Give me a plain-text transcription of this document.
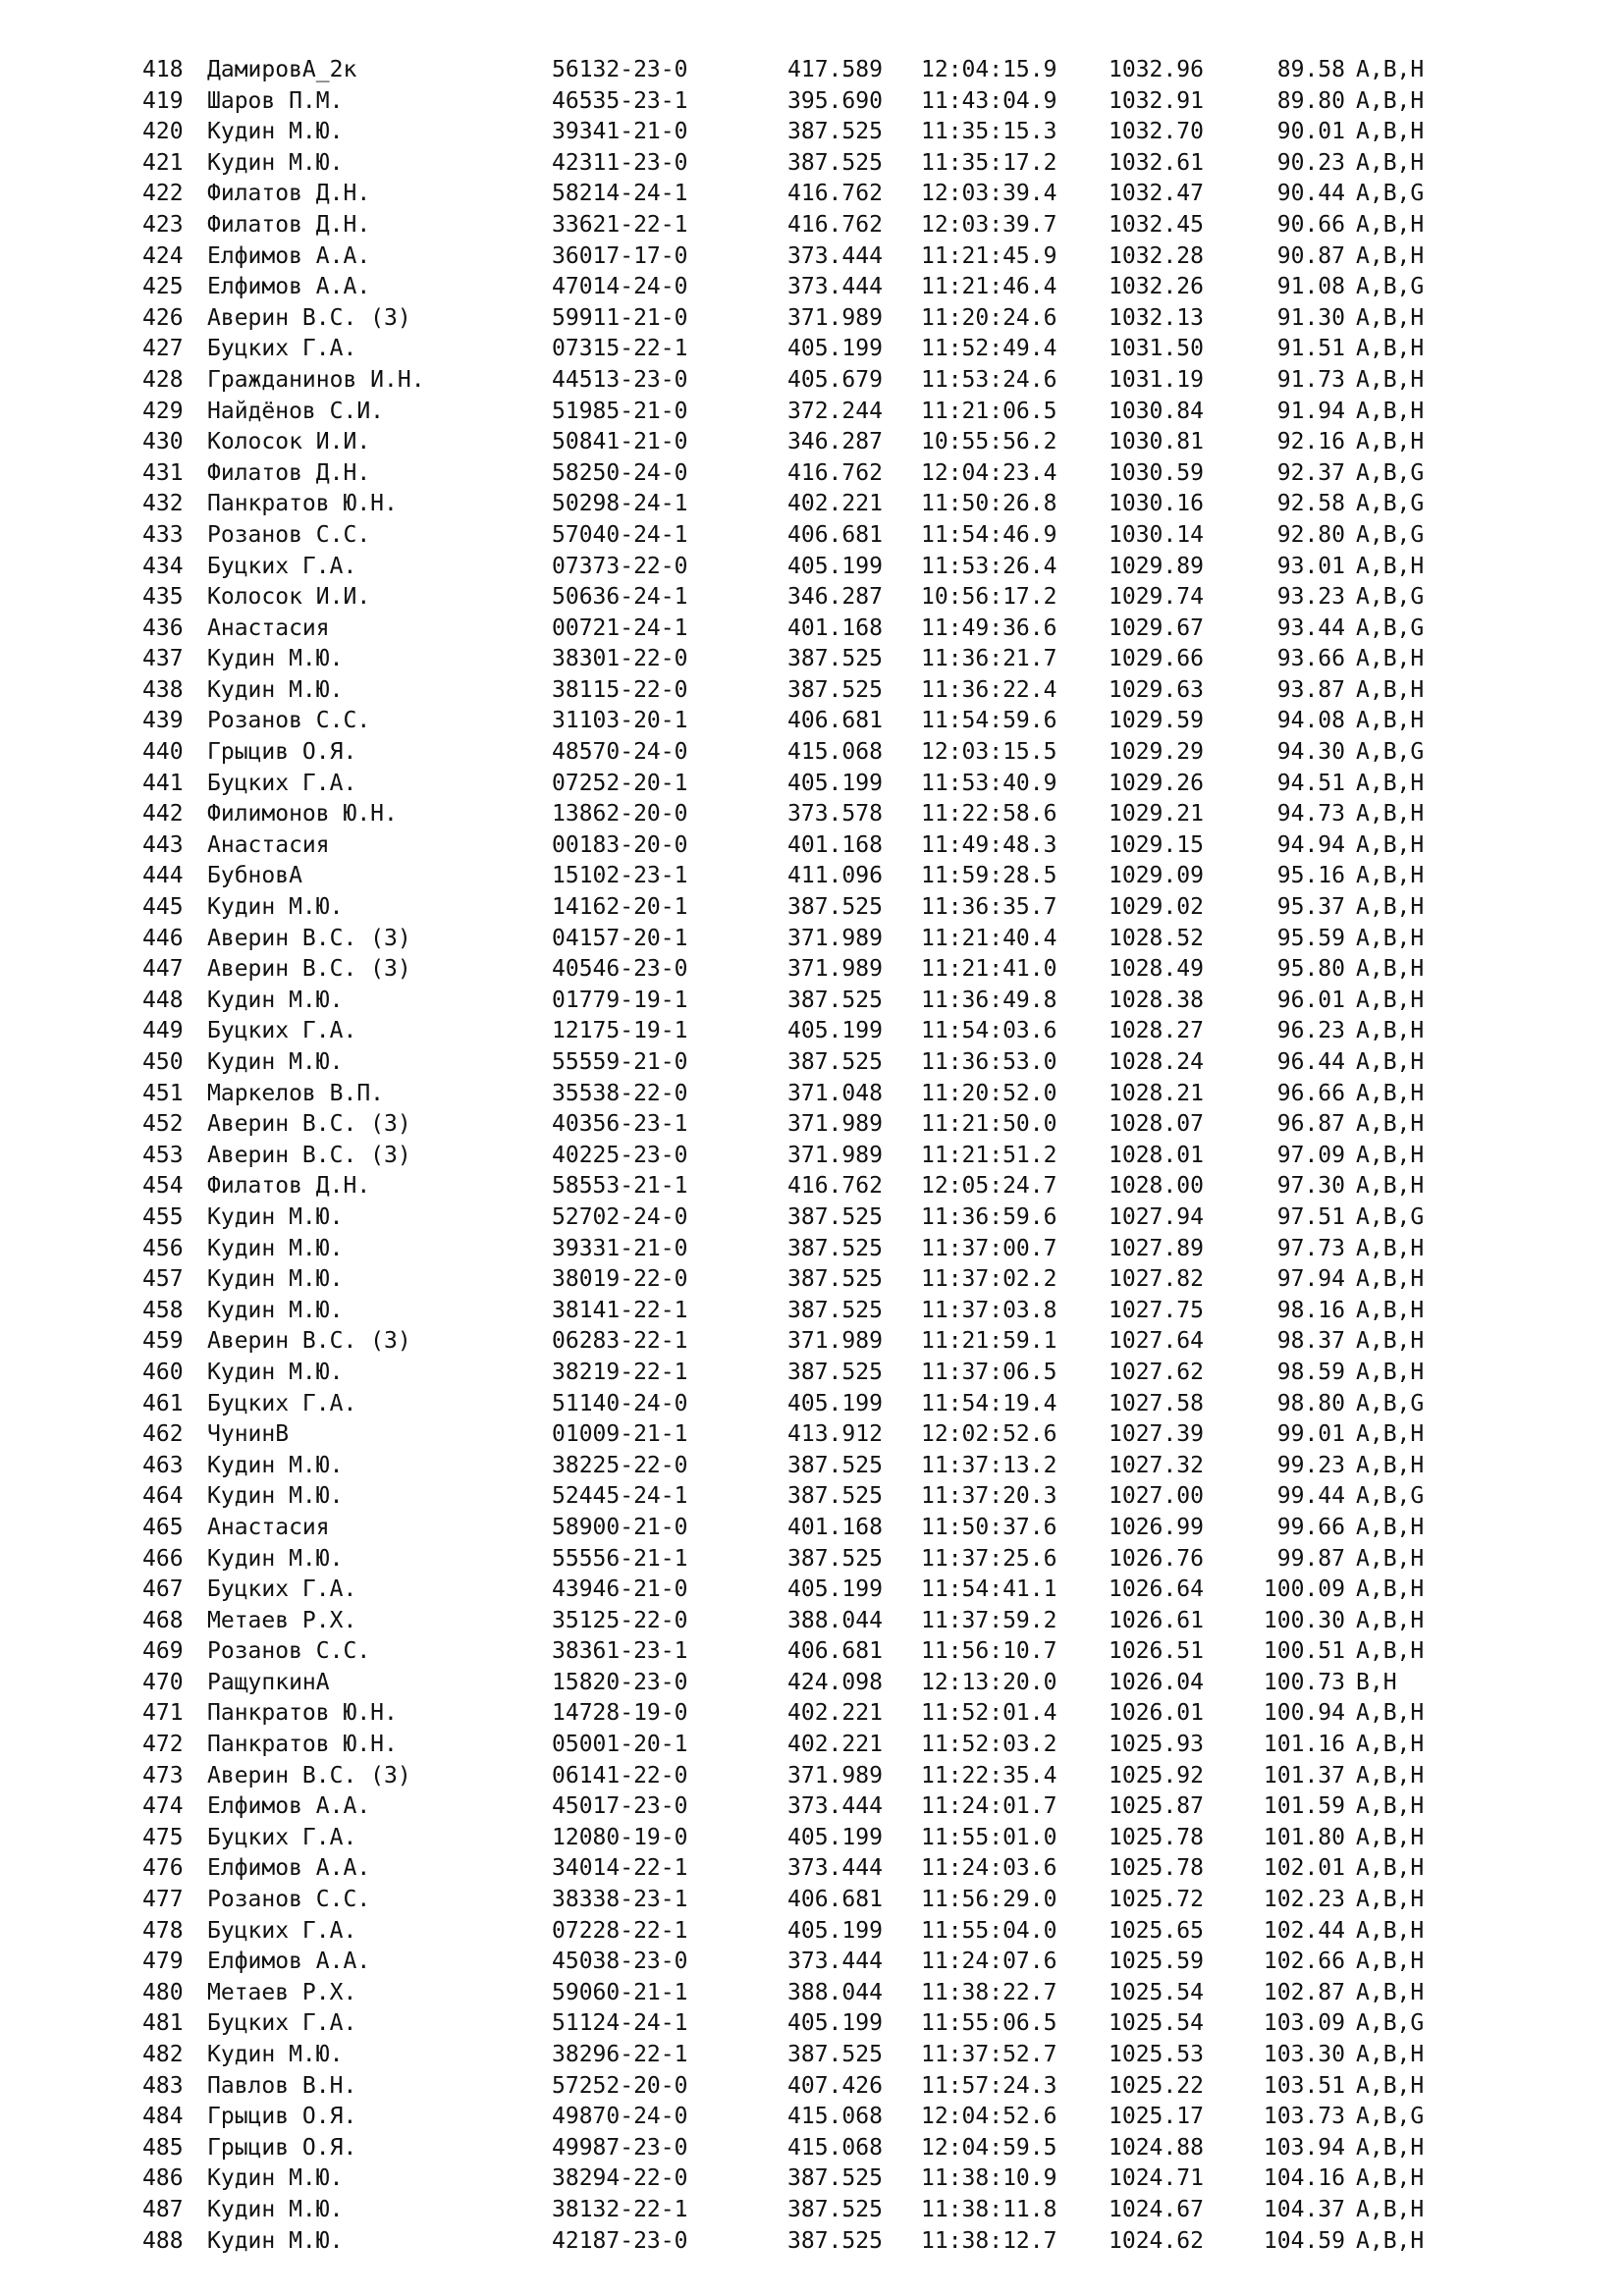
418	ДамировА_2к	56132-23-0	417.589	12:04:15.9	1032.96	89.58 A,B,H
419	Шаров П.М.	46535-23-1	395.690	11:43:04.9	1032.91	89.80 A,B,H
420	Кудин М.Ю.	39341-21-0	387.525	11:35:15.3	1032.70	90.01 A,B,H
421	Кудин М.Ю.	42311-23-0	387.525	11:35:17.2	1032.61	90.23 A,B,H
422	Филатов Д.Н.	58214-24-1	416.762	12:03:39.4	1032.47	90.44 A,B,G
423	Филатов Д.Н.	33621-22-1	416.762	12:03:39.7	1032.45	90.66 A,B,H
424	Елфимов А.А.	36017-17-0	373.444	11:21:45.9	1032.28	90.87 A,B,H
425	Елфимов А.А.	47014-24-0	373.444	11:21:46.4	1032.26	91.08 A,B,G
426	Аверин В.С. (З)	59911-21-0	371.989	11:20:24.6	1032.13	91.30 A,B,H
427	Буцких Г.А.	07315-22-1	405.199	11:52:49.4	1031.50	91.51 A,B,H
428	Гражданинов И.Н.	44513-23-0	405.679	11:53:24.6	1031.19	91.73 A,B,H
429	Найдёнов С.И.	51985-21-0	372.244	11:21:06.5	1030.84	91.94 A,B,H
430	Колосок И.И.	50841-21-0	346.287	10:55:56.2	1030.81	92.16 A,B,H
431	Филатов Д.Н.	58250-24-0	416.762	12:04:23.4	1030.59	92.37 A,B,G
432	Панкратов Ю.Н.	50298-24-1	402.221	11:50:26.8	1030.16	92.58 A,B,G
433	Розанов С.С.	57040-24-1	406.681	11:54:46.9	1030.14	92.80 A,B,G
434	Буцких Г.А.	07373-22-0	405.199	11:53:26.4	1029.89	93.01 A,B,H
435	Колосок И.И.	50636-24-1	346.287	10:56:17.2	1029.74	93.23 A,B,G
436	Анастасия	00721-24-1	401.168	11:49:36.6	1029.67	93.44 A,B,G
437	Кудин М.Ю.	38301-22-0	387.525	11:36:21.7	1029.66	93.66 A,B,H
438	Кудин М.Ю.	38115-22-0	387.525	11:36:22.4	1029.63	93.87 A,B,H
439	Розанов С.С.	31103-20-1	406.681	11:54:59.6	1029.59	94.08 A,B,H
440	Грыцив О.Я.	48570-24-0	415.068	12:03:15.5	1029.29	94.30 A,B,G
441	Буцких Г.А.	07252-20-1	405.199	11:53:40.9	1029.26	94.51 A,B,H
442	Филимонов Ю.Н.	13862-20-0	373.578	11:22:58.6	1029.21	94.73 A,B,H
443	Анастасия	00183-20-0	401.168	11:49:48.3	1029.15	94.94 A,B,H
444	БубновА	15102-23-1	411.096	11:59:28.5	1029.09	95.16 A,B,H
445	Кудин М.Ю.	14162-20-1	387.525	11:36:35.7	1029.02	95.37 A,B,H
446	Аверин В.С. (З)	04157-20-1	371.989	11:21:40.4	1028.52	95.59 A,B,H
447	Аверин В.С. (З)	40546-23-0	371.989	11:21:41.0	1028.49	95.80 A,B,H
448	Кудин М.Ю.	01779-19-1	387.525	11:36:49.8	1028.38	96.01 A,B,H
449	Буцких Г.А.	12175-19-1	405.199	11:54:03.6	1028.27	96.23 A,B,H
450	Кудин М.Ю.	55559-21-0	387.525	11:36:53.0	1028.24	96.44 A,B,H
451	Маркелов В.П.	35538-22-0	371.048	11:20:52.0	1028.21	96.66 A,B,H
452	Аверин В.С. (З)	40356-23-1	371.989	11:21:50.0	1028.07	96.87 A,B,H
453	Аверин В.С. (З)	40225-23-0	371.989	11:21:51.2	1028.01	97.09 A,B,H
454	Филатов Д.Н.	58553-21-1	416.762	12:05:24.7	1028.00	97.30 A,B,H
455	Кудин М.Ю.	52702-24-0	387.525	11:36:59.6	1027.94	97.51 A,B,G
456	Кудин М.Ю.	39331-21-0	387.525	11:37:00.7	1027.89	97.73 A,B,H
457	Кудин М.Ю.	38019-22-0	387.525	11:37:02.2	1027.82	97.94 A,B,H
458	Кудин М.Ю.	38141-22-1	387.525	11:37:03.8	1027.75	98.16 A,B,H
459	Аверин В.С. (З)	06283-22-1	371.989	11:21:59.1	1027.64	98.37 A,B,H
460	Кудин М.Ю.	38219-22-1	387.525	11:37:06.5	1027.62	98.59 A,B,H
461	Буцких Г.А.	51140-24-0	405.199	11:54:19.4	1027.58	98.80 A,B,G
462	ЧунинВ	01009-21-1	413.912	12:02:52.6	1027.39	99.01 A,B,H
463	Кудин М.Ю.	38225-22-0	387.525	11:37:13.2	1027.32	99.23 A,B,H
464	Кудин М.Ю.	52445-24-1	387.525	11:37:20.3	1027.00	99.44 A,B,G
465	Анастасия	58900-21-0	401.168	11:50:37.6	1026.99	99.66 A,B,H
466	Кудин М.Ю.	55556-21-1	387.525	11:37:25.6	1026.76	99.87 A,B,H
467	Буцких Г.А.	43946-21-0	405.199	11:54:41.1	1026.64	100.09 A,B,H
468	Метаев Р.Х.	35125-22-0	388.044	11:37:59.2	1026.61	100.30 A,B,H
469	Розанов С.С.	38361-23-1	406.681	11:56:10.7	1026.51	100.51 A,B,H
470	РащупкинА	15820-23-0	424.098	12:13:20.0	1026.04	100.73 B,H
471	Панкратов Ю.Н.	14728-19-0	402.221	11:52:01.4	1026.01	100.94 A,B,H
472	Панкратов Ю.Н.	05001-20-1	402.221	11:52:03.2	1025.93	101.16 A,B,H
473	Аверин В.С. (З)	06141-22-0	371.989	11:22:35.4	1025.92	101.37 A,B,H
474	Елфимов А.А.	45017-23-0	373.444	11:24:01.7	1025.87	101.59 A,B,H
475	Буцких Г.А.	12080-19-0	405.199	11:55:01.0	1025.78	101.80 A,B,H
476	Елфимов А.А.	34014-22-1	373.444	11:24:03.6	1025.78	102.01 A,B,H
477	Розанов С.С.	38338-23-1	406.681	11:56:29.0	1025.72	102.23 A,B,H
478	Буцких Г.А.	07228-22-1	405.199	11:55:04.0	1025.65	102.44 A,B,H
479	Елфимов А.А.	45038-23-0	373.444	11:24:07.6	1025.59	102.66 A,B,H
480	Метаев Р.Х.	59060-21-1	388.044	11:38:22.7	1025.54	102.87 A,B,H
481	Буцких Г.А.	51124-24-1	405.199	11:55:06.5	1025.54	103.09 A,B,G
482	Кудин М.Ю.	38296-22-1	387.525	11:37:52.7	1025.53	103.30 A,B,H
483	Павлов В.Н.	57252-20-0	407.426	11:57:24.3	1025.22	103.51 A,B,H
484	Грыцив О.Я.	49870-24-0	415.068	12:04:52.6	1025.17	103.73 A,B,G
485	Грыцив О.Я.	49987-23-0	415.068	12:04:59.5	1024.88	103.94 A,B,H
486	Кудин М.Ю.	38294-22-0	387.525	11:38:10.9	1024.71	104.16 A,B,H
487	Кудин М.Ю.	38132-22-1	387.525	11:38:11.8	1024.67	104.37 A,B,H
488	Кудин М.Ю.	42187-23-0	387.525	11:38:12.7	1024.62	104.59 A,B,H
